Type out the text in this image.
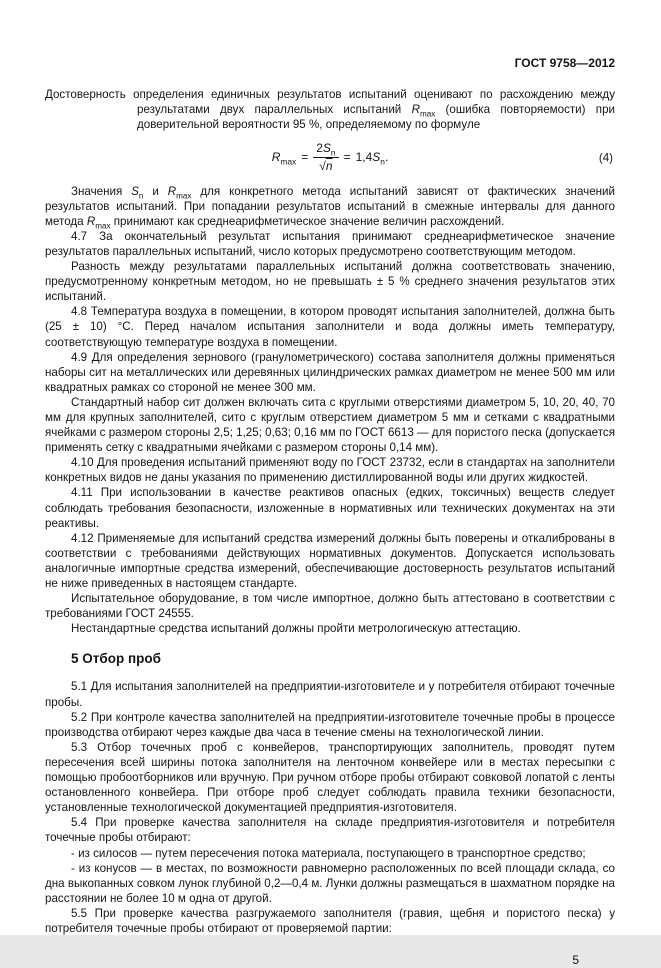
ГОСТ 9758—2012
Достоверность определения единичных результатов испытаний оценивают по расхождению между результатами двух параллельных испытаний $R_{max}$ (ошибка повторяемости) при доверительной вероятности 95 %, определяемому по формуле
$R_{max} = \frac{2S_n}{√n} = 1,4S_n$.	(4)
Значения $S_n$ и $R_{max}$ для конкретного метода испытаний зависят от фактических значений результатов испытаний. При попадании результатов испытаний в смежные интервалы для данного метода $R_{max}$ принимают как среднеарифметическое значение величин расхождений.
4.7 За окончательный результат испытания принимают среднеарифметическое значение результатов параллельных испытаний, число которых предусмотрено соответствующим методом.
Разность между результатами параллельных испытаний должна соответствовать значению, предусмотренному конкретным методом, но не превышать ± 5 % среднего значения результатов этих испытаний.
4.8 Температура воздуха в помещении, в котором проводят испытания заполнителей, должна быть (25 ± 10) °С. Перед началом испытания заполнители и вода должны иметь температуру, соответствующую температуре воздуха в помещении.
4.9 Для определения зернового (гранулометрического) состава заполнителя должны применяться наборы сит на металлических или деревянных цилиндрических рамках диаметром не менее 500 мм или квадратных рамках со стороной не менее 300 мм.
Стандартный набор сит должен включать сита с круглыми отверстиями диаметром 5, 10, 20, 40, 70 мм для крупных заполнителей, сито с круглым отверстием диаметром 5 мм и сетками с квадратными ячейками с размером стороны 2,5; 1,25; 0,63; 0,16 мм по ГОСТ 6613 — для пористого песка (допускается применять сетку с квадратными ячейками с размером стороны 0,14 мм).
4.10 Для проведения испытаний применяют воду по ГОСТ 23732, если в стандартах на заполнители конкретных видов не даны указания по применению дистиллированной воды или других жидкостей.
4.11 При использовании в качестве реактивов опасных (едких, токсичных) веществ следует соблюдать требования безопасности, изложенные в нормативных или технических документах на эти реактивы.
4.12 Применяемые для испытаний средства измерений должны быть поверены и откалиброваны в соответствии с требованиями действующих нормативных документов. Допускается использовать аналогичные импортные средства измерений, обеспечивающие достоверность результатов испытаний не ниже приведенных в настоящем стандарте.
Испытательное оборудование, в том числе импортное, должно быть аттестовано в соответствии с требованиями ГОСТ 24555.
Нестандартные средства испытаний должны пройти метрологическую аттестацию.
5 Отбор проб
5.1 Для испытания заполнителей на предприятии-изготовителе и у потребителя отбирают точечные пробы.
5.2 При контроле качества заполнителей на предприятии-изготовителе точечные пробы в процессе производства отбирают через каждые два часа в течение смены на технологической линии.
5.3 Отбор точечных проб с конвейеров, транспортирующих заполнитель, проводят путем пересечения всей ширины потока заполнителя на ленточном конвейере или в местах пересыпки с помощью пробоотборников или вручную. При ручном отборе пробы отбирают совковой лопатой с ленты остановленного конвейера. При отборе проб следует соблюдать правила техники безопасности, установленные технологической документацией предприятия-изготовителя.
5.4 При проверке качества заполнителя на складе предприятия-изготовителя и потребителя точечные пробы отбирают:
- из силосов — путем пересечения потока материала, поступающего в транспортное средство;
- из конусов — в местах, по возможности равномерно расположенных по всей площади склада, со дна выкопанных совком лунок глубиной 0,2—0,4 м. Лунки должны размещаться в шахматном порядке на расстоянии не более 10 м одна от другой.
5.5 При проверке качества разгружаемого заполнителя (гравия, щебня и пористого песка) у потребителя точечные пробы отбирают от проверяемой партии:
5
